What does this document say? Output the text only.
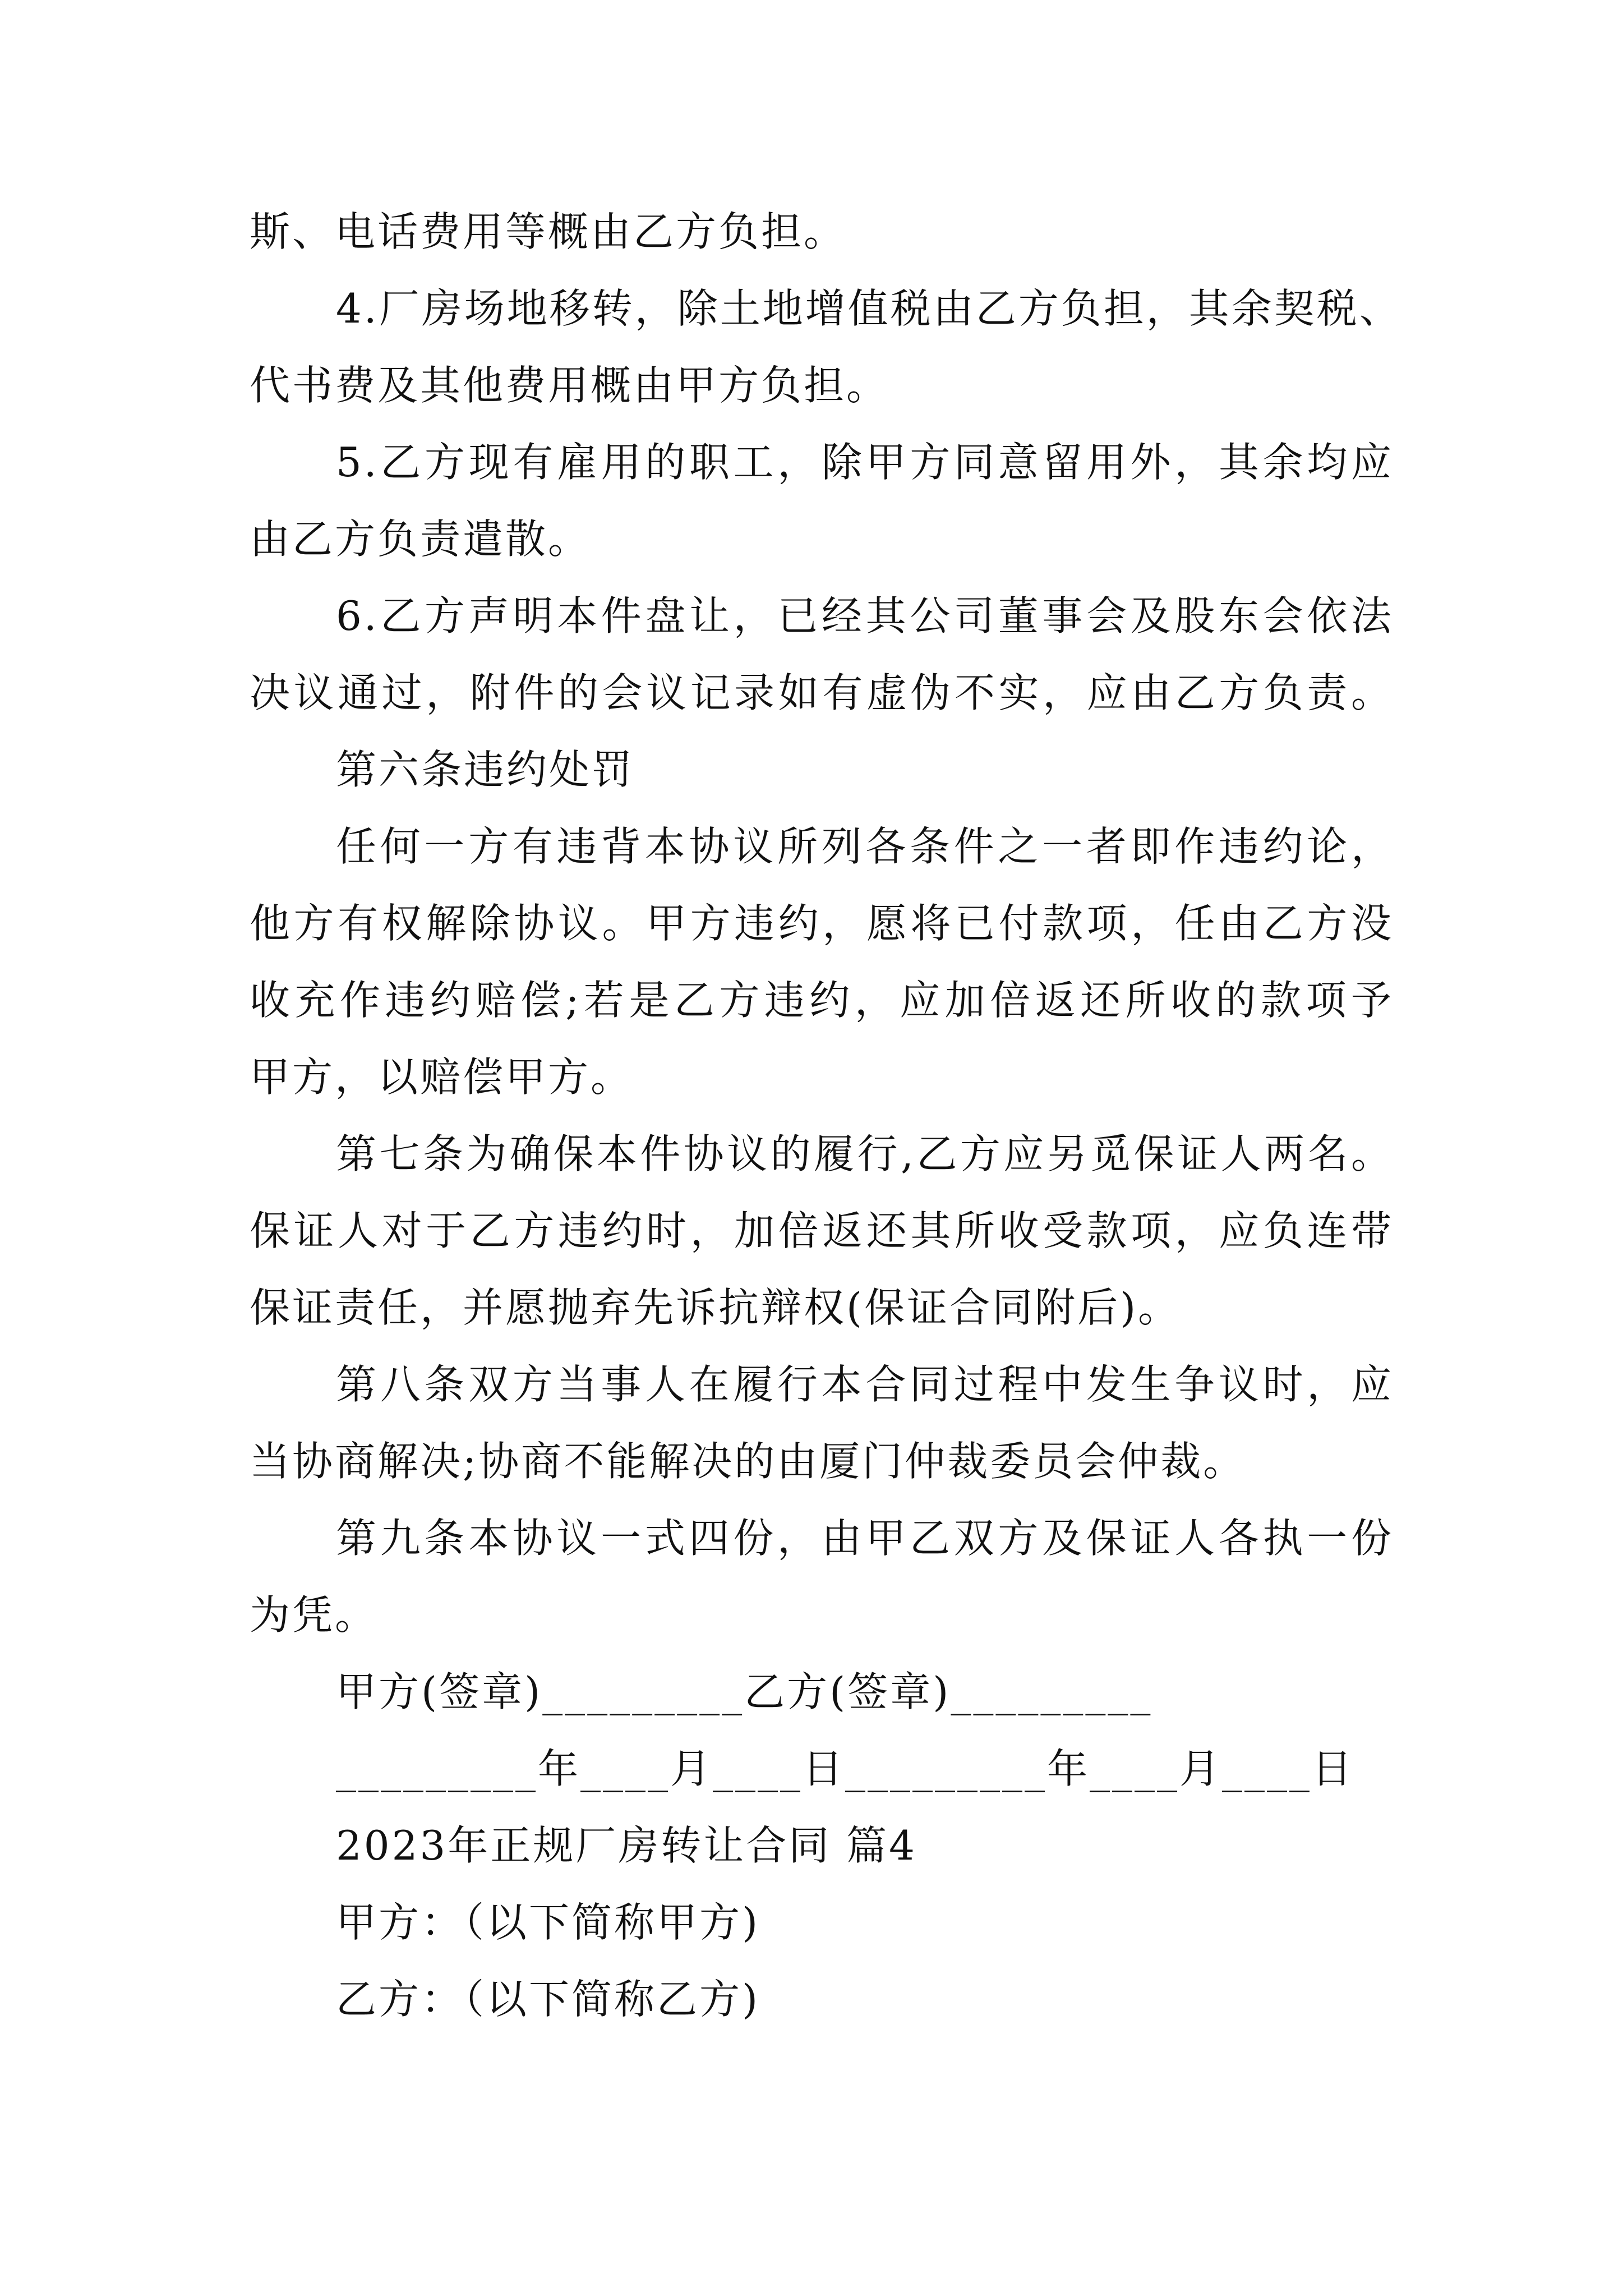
斯、电话费用等概由乙方负担。
4.厂房场地移转，除土地增值税由乙方负担，其余契税、
代书费及其他费用概由甲方负担。
5.乙方现有雇用的职工，除甲方同意留用外，其余均应
由乙方负责遣散。
6.乙方声明本件盘让，已经其公司董事会及股东会依法
决议通过，附件的会议记录如有虚伪不实，应由乙方负责。
第六条违约处罚
任何一方有违背本协议所列各条件之一者即作违约论，
他方有权解除协议。甲方违约，愿将已付款项，任由乙方没
收充作违约赔偿;若是乙方违约，应加倍返还所收的款项予
甲方，以赔偿甲方。
第七条为确保本件协议的履行,乙方应另觅保证人两名。
保证人对于乙方违约时，加倍返还其所收受款项，应负连带
保证责任，并愿抛弃先诉抗辩权(保证合同附后)。
第八条双方当事人在履行本合同过程中发生争议时，应
当协商解决;协商不能解决的由厦门仲裁委员会仲裁。
第九条本协议一式四份，由甲乙双方及保证人各执一份
为凭。
甲方(签章)_________乙方(签章)_________
_________年____月____日_________年____月____日
2023年正规厂房转让合同 篇4
甲方：（以下简称甲方)
乙方：（以下简称乙方)
